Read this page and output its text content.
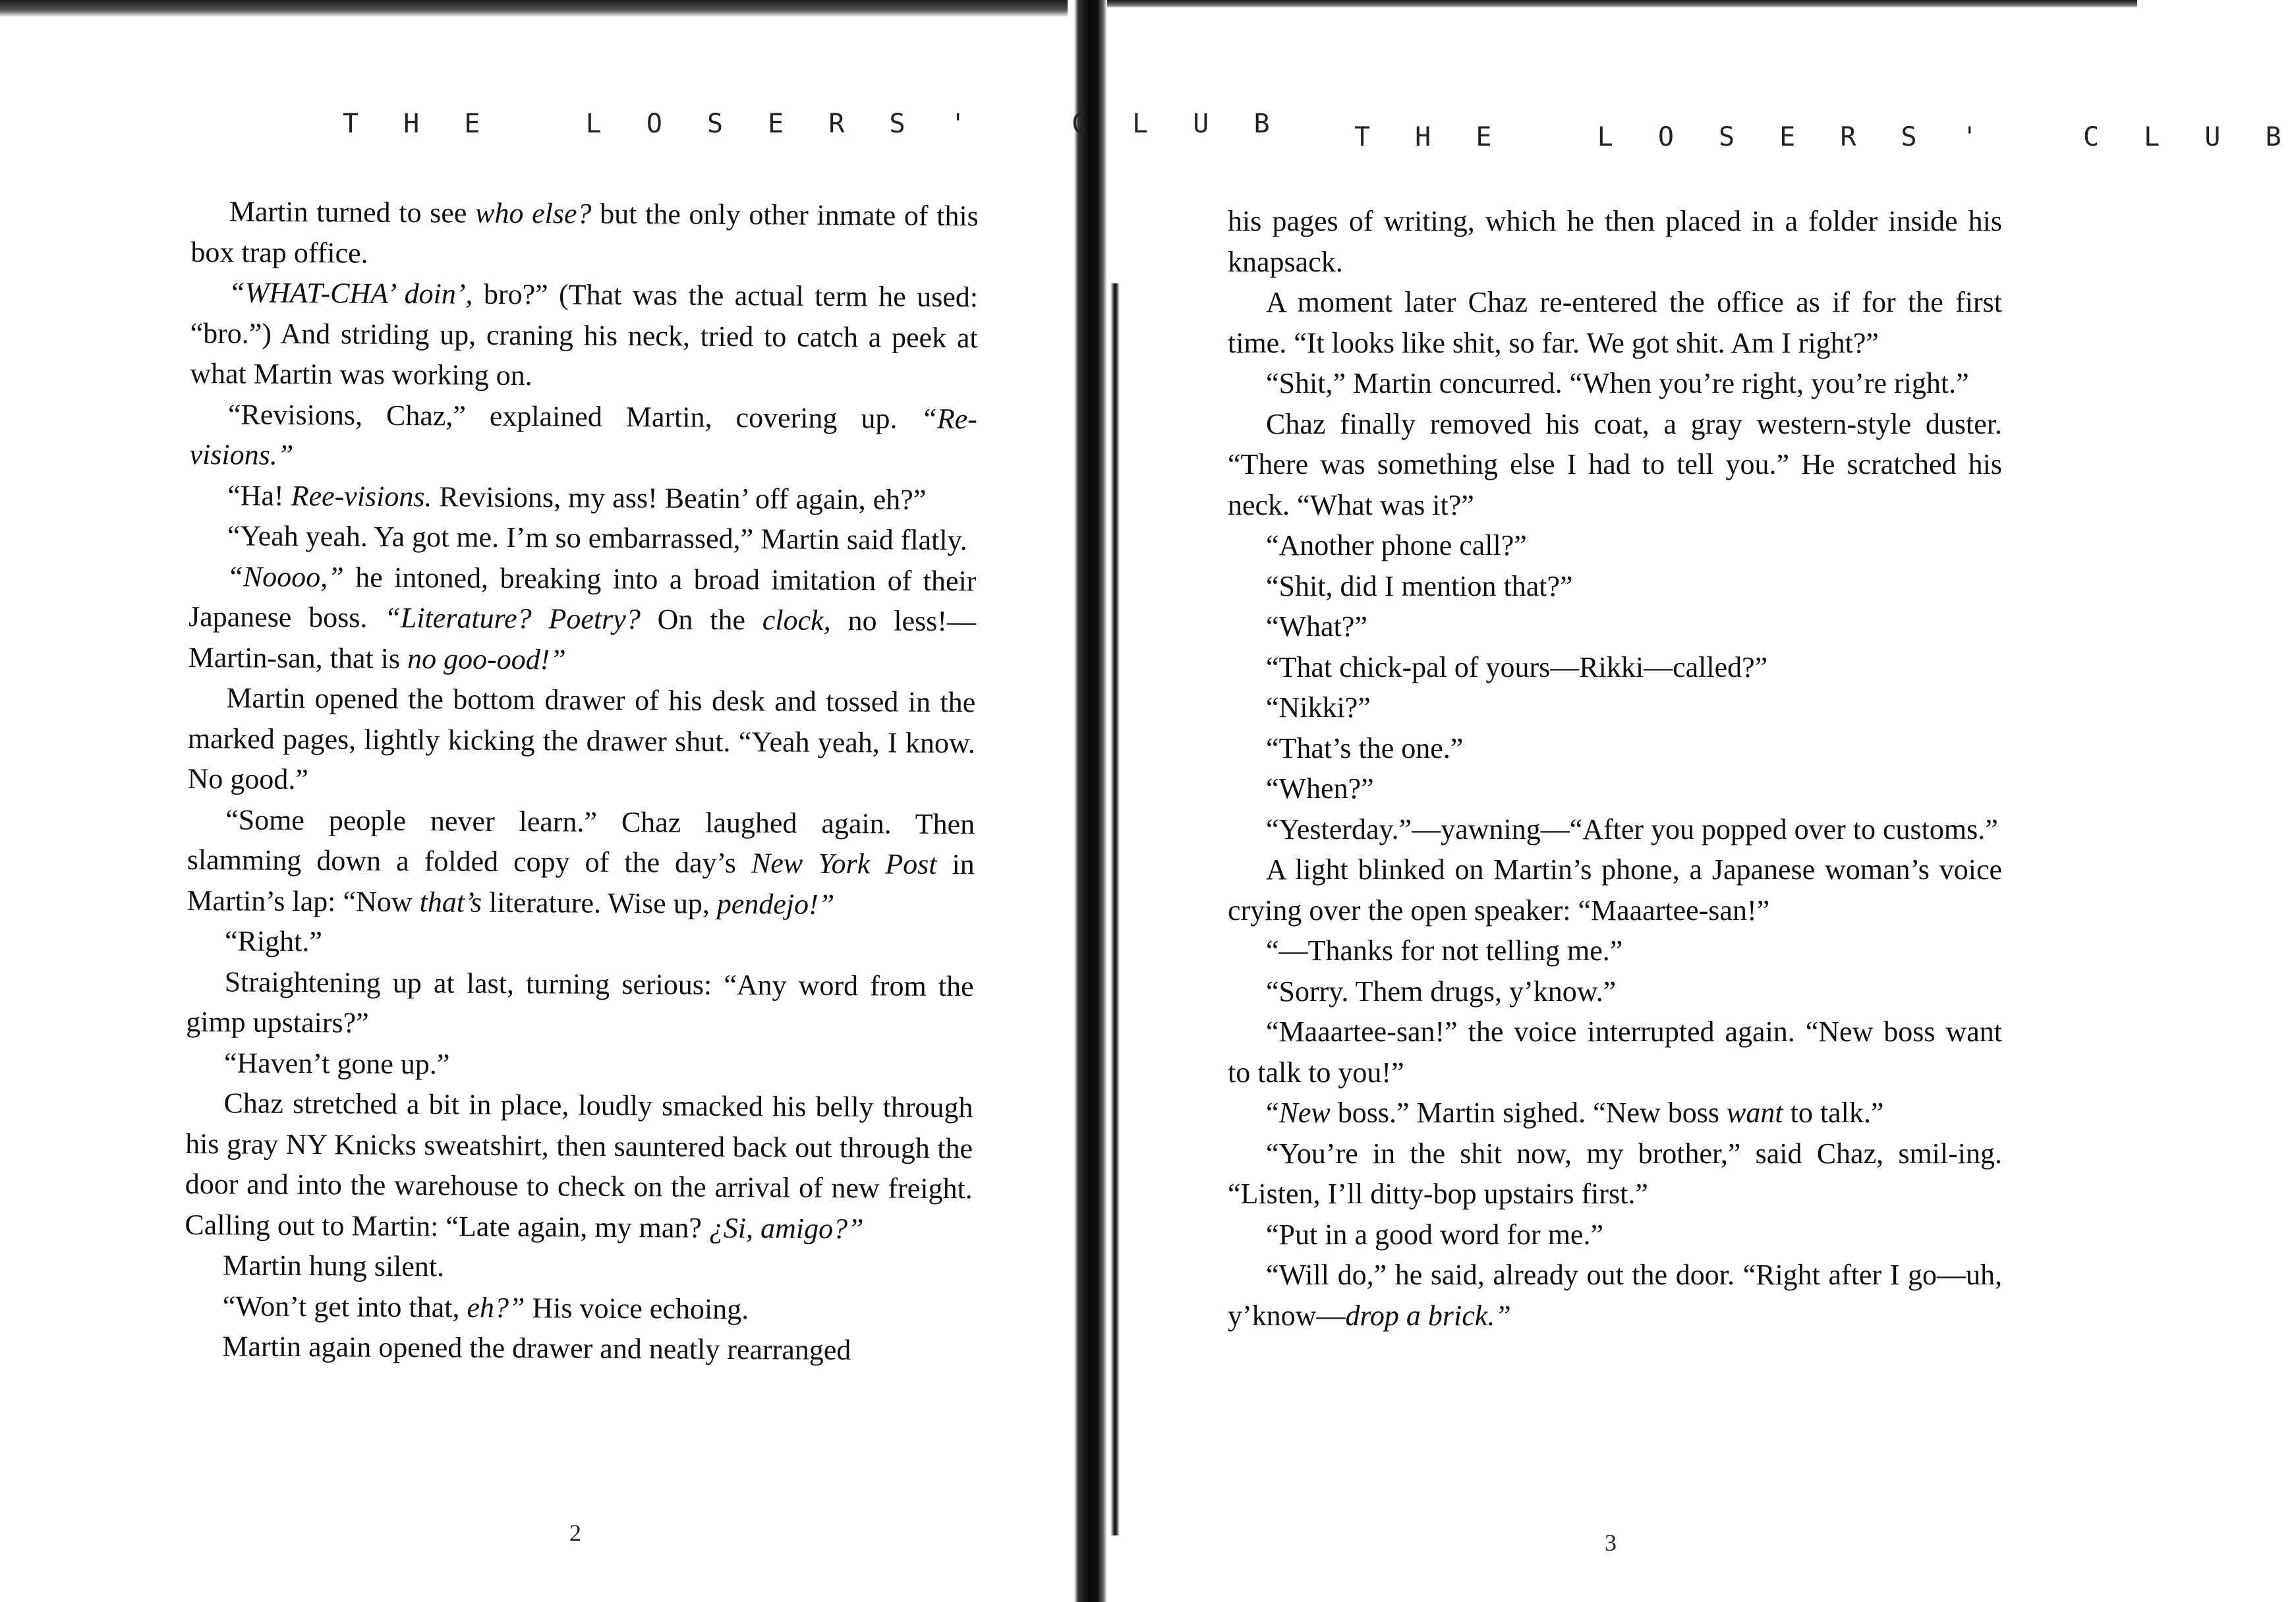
T H E   L O S E R S '   C L U B

Martin turned to see who else? but the only other inmate of this box trap office.

“WHAT-CHA’ doin’, bro?” (That was the actual term he used: “bro.”) And striding up, craning his neck, tried to catch a peek at what Martin was working on.

“Revisions, Chaz,” explained Martin, covering up. “Re-visions.”

“Ha! Ree-visions. Revisions, my ass! Beatin’ off again, eh?”

“Yeah yeah. Ya got me. I’m so embarrassed,” Martin said flatly.

“Noooo,” he intoned, breaking into a broad imitation of their Japanese boss. “Literature? Poetry? On the clock, no less!—Martin-san, that is no goo-ood!”

Martin opened the bottom drawer of his desk and tossed in the marked pages, lightly kicking the drawer shut. “Yeah yeah, I know. No good.”

“Some people never learn.” Chaz laughed again. Then slamming down a folded copy of the day’s New York Post in Martin’s lap: “Now that’s literature. Wise up, pendejo!”

“Right.”

Straightening up at last, turning serious: “Any word from the gimp upstairs?”

“Haven’t gone up.”

Chaz stretched a bit in place, loudly smacked his belly through his gray NY Knicks sweatshirt, then sauntered back out through the door and into the warehouse to check on the arrival of new freight. Calling out to Martin: “Late again, my man? ¿Si, amigo?”

Martin hung silent.

“Won’t get into that, eh?” His voice echoing.

Martin again opened the drawer and neatly rearranged

2
T H E   L O S E R S '   C L U B

his pages of writing, which he then placed in a folder inside his knapsack.

A moment later Chaz re-entered the office as if for the first time. “It looks like shit, so far. We got shit. Am I right?”

“Shit,” Martin concurred. “When you’re right, you’re right.”

Chaz finally removed his coat, a gray western-style duster. “There was something else I had to tell you.” He scratched his neck. “What was it?”

“Another phone call?”

“Shit, did I mention that?”

“What?”

“That chick-pal of yours—Rikki—called?”

“Nikki?”

“That’s the one.”

“When?”

“Yesterday.”—yawning—“After you popped over to customs.”

A light blinked on Martin’s phone, a Japanese woman’s voice crying over the open speaker: “Maaartee-san!”

“—Thanks for not telling me.”

“Sorry. Them drugs, y’know.”

“Maaartee-san!” the voice interrupted again. “New boss want to talk to you!”

“New boss.” Martin sighed. “New boss want to talk.”

“You’re in the shit now, my brother,” said Chaz, smil-ing. “Listen, I’ll ditty-bop upstairs first.”

“Put in a good word for me.”

“Will do,” he said, already out the door. “Right after I go—uh, y’know—drop a brick.”

3
